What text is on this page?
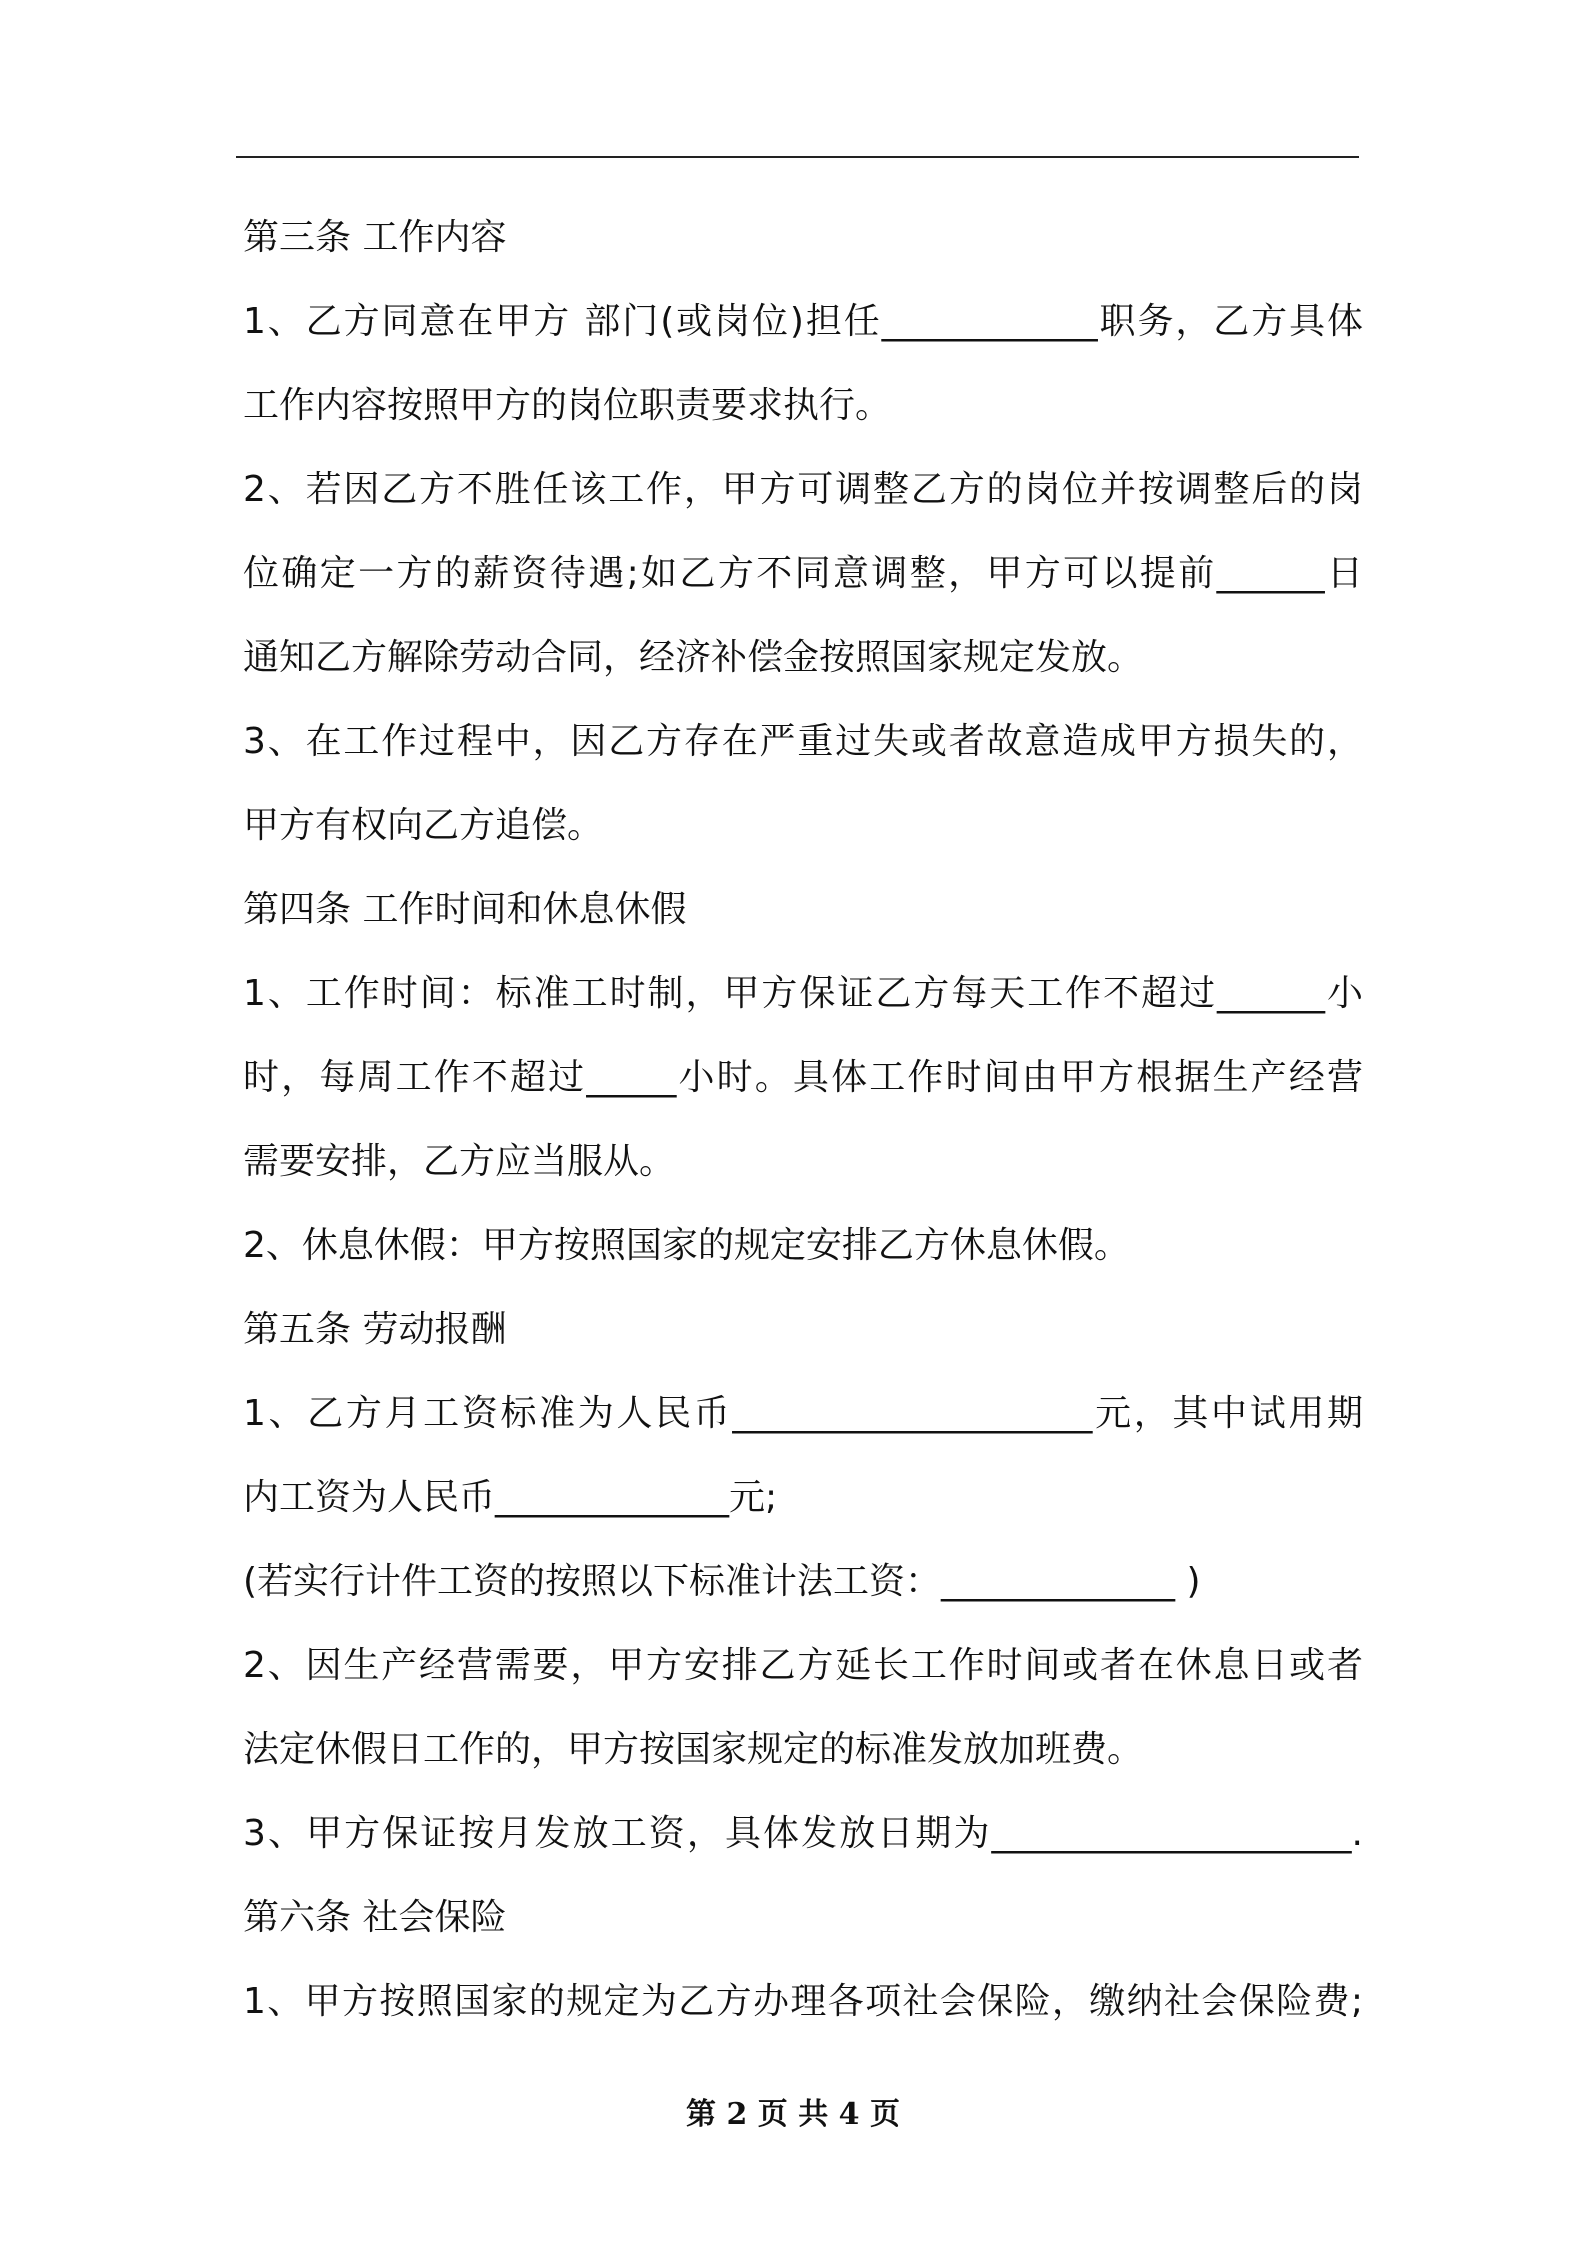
第三条 工作内容

1、乙方同意在甲方 部门(或岗位)担任____________职务，乙方具体

工作内容按照甲方的岗位职责要求执行。

2、若因乙方不胜任该工作，甲方可调整乙方的岗位并按调整后的岗

位确定一方的薪资待遇;如乙方不同意调整，甲方可以提前______日

通知乙方解除劳动合同，经济补偿金按照国家规定发放。

3、在工作过程中，因乙方存在严重过失或者故意造成甲方损失的，

甲方有权向乙方追偿。

第四条 工作时间和休息休假

1、工作时间：标准工时制，甲方保证乙方每天工作不超过______小

时，每周工作不超过_____小时。具体工作时间由甲方根据生产经营

需要安排，乙方应当服从。

2、休息休假：甲方按照国家的规定安排乙方休息休假。

第五条 劳动报酬

1、乙方月工资标准为人民币____________________元，其中试用期

内工资为人民币_____________元;

(若实行计件工资的按照以下标准计法工资：_____________ )

2、因生产经营需要，甲方安排乙方延长工作时间或者在休息日或者

法定休假日工作的，甲方按国家规定的标准发放加班费。

3、甲方保证按月发放工资，具体发放日期为____________________.

第六条 社会保险

1、甲方按照国家的规定为乙方办理各项社会保险，缴纳社会保险费;

第 2 页 共 4 页
